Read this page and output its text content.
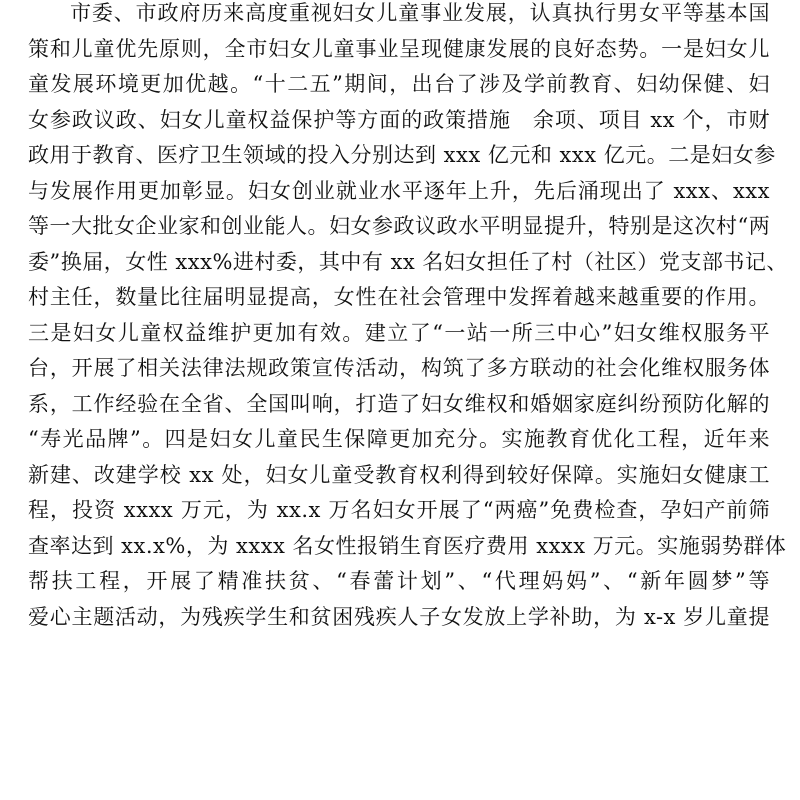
市委、市政府历来高度重视妇女儿童事业发展，认真执行男女平等基本国
策和儿童优先原则，全市妇女儿童事业呈现健康发展的良好态势。一是妇女儿
童发展环境更加优越。“十二五”期间，出台了涉及学前教育、妇幼保健、妇
女参政议政、妇女儿童权益保护等方面的政策措施　余项、项目 xx 个，市财
政用于教育、医疗卫生领域的投入分别达到 xxx 亿元和 xxx 亿元。二是妇女参
与发展作用更加彰显。妇女创业就业水平逐年上升，先后涌现出了 xxx、xxx
等一大批女企业家和创业能人。妇女参政议政水平明显提升，特别是这次村“两
委”换届，女性 xxx%进村委，其中有 xx 名妇女担任了村（社区）党支部书记、
村主任，数量比往届明显提高，女性在社会管理中发挥着越来越重要的作用。
三是妇女儿童权益维护更加有效。建立了“一站一所三中心”妇女维权服务平
台，开展了相关法律法规政策宣传活动，构筑了多方联动的社会化维权服务体
系，工作经验在全省、全国叫响，打造了妇女维权和婚姻家庭纠纷预防化解的
“寿光品牌”。四是妇女儿童民生保障更加充分。实施教育优化工程，近年来
新建、改建学校 xx 处，妇女儿童受教育权利得到较好保障。实施妇女健康工
程，投资 xxxx 万元，为 xx.x 万名妇女开展了“两癌”免费检查，孕妇产前筛
查率达到 xx.x%，为 xxxx 名女性报销生育医疗费用 xxxx 万元。实施弱势群体
帮扶工程，开展了精准扶贫、“春蕾计划”、“代理妈妈”、“新年圆梦”等
爱心主题活动，为残疾学生和贫困残疾人子女发放上学补助，为 x-x 岁儿童提
